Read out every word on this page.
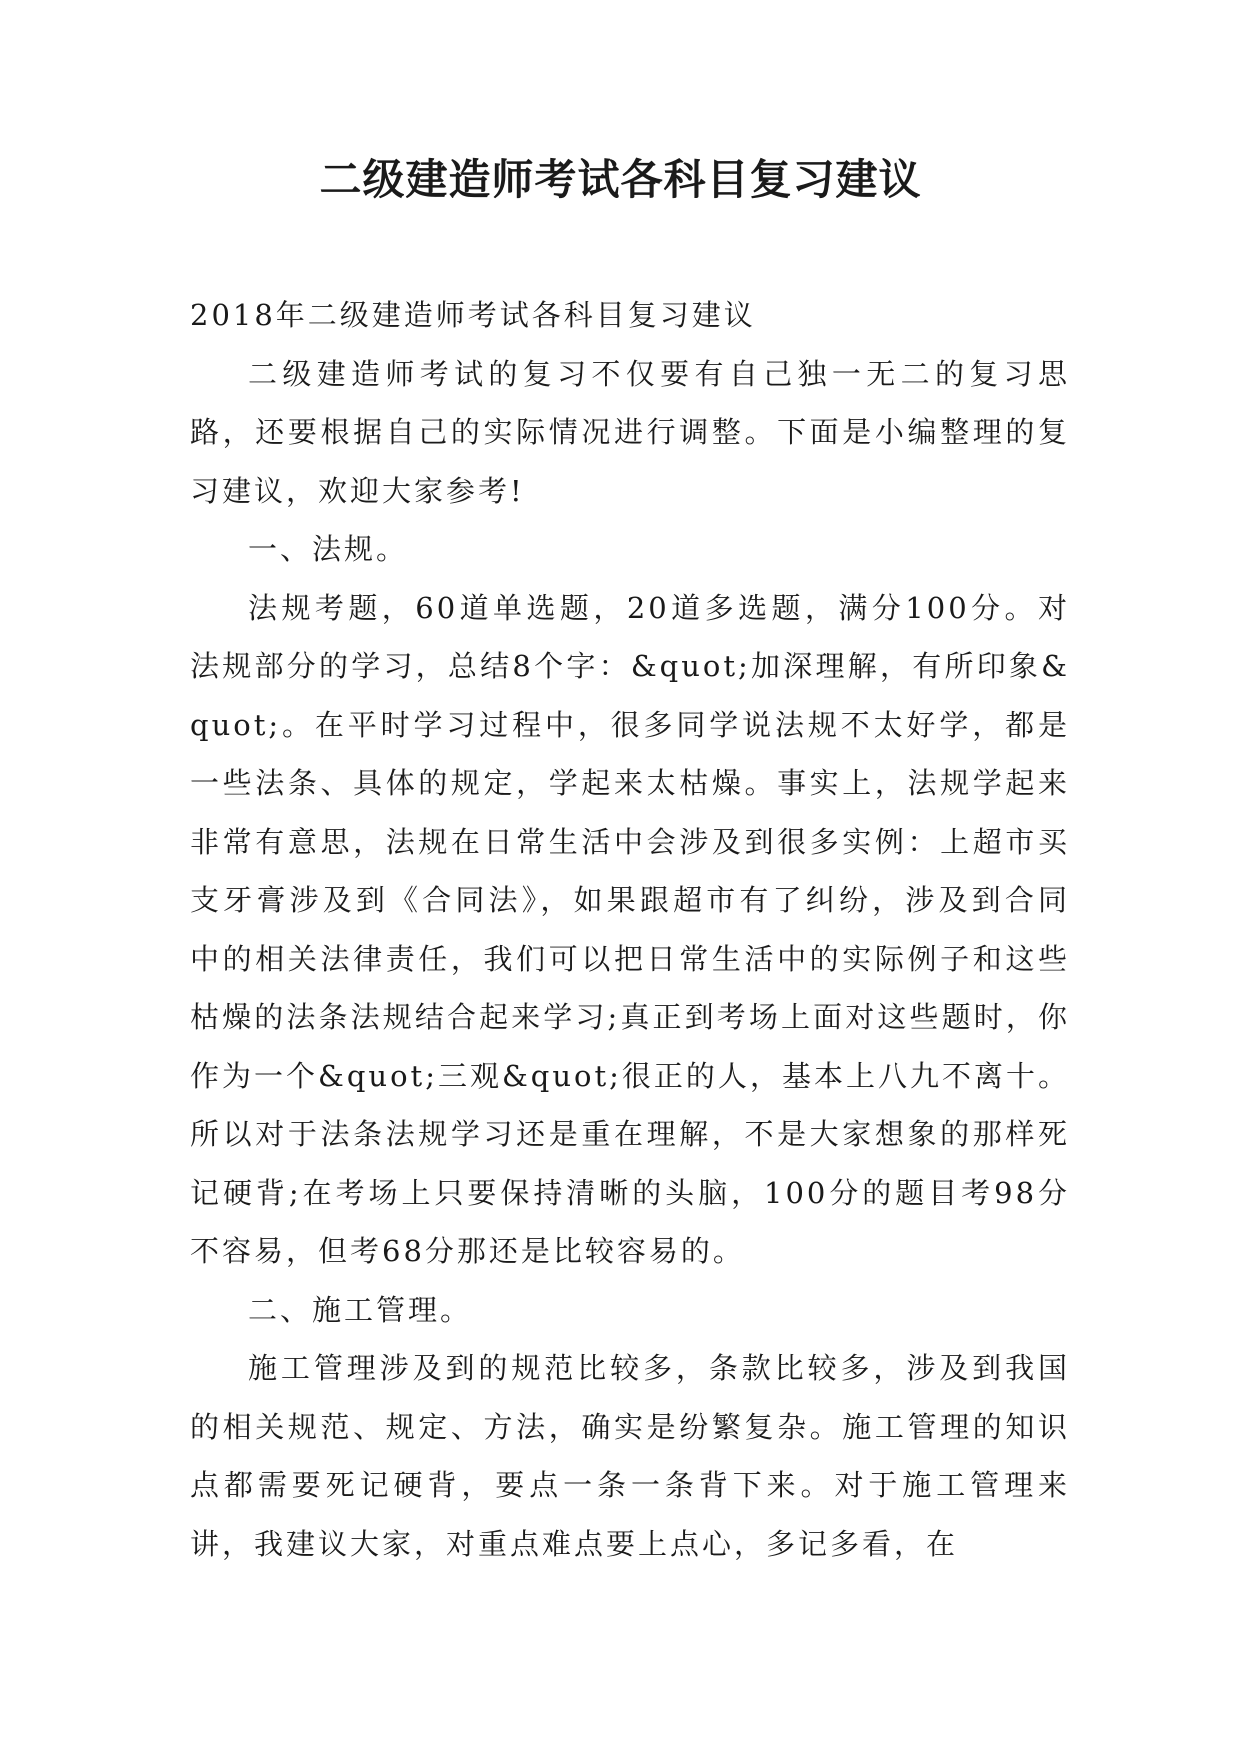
二级建造师考试各科目复习建议

2018年二级建造师考试各科目复习建议

二级建造师考试的复习不仅要有自己独一无二的复习思路，还要根据自己的实际情况进行调整。下面是小编整理的复习建议，欢迎大家参考!

一、法规。

法规考题，60道单选题，20道多选题，满分100分。对法规部分的学习，总结8个字：&quot;加深理解，有所印象&quot;。在平时学习过程中，很多同学说法规不太好学，都是一些法条、具体的规定，学起来太枯燥。事实上，法规学起来非常有意思，法规在日常生活中会涉及到很多实例：上超市买支牙膏涉及到《合同法》，如果跟超市有了纠纷，涉及到合同中的相关法律责任，我们可以把日常生活中的实际例子和这些枯燥的法条法规结合起来学习;真正到考场上面对这些题时，你作为一个&quot;三观&quot;很正的人，基本上八九不离十。所以对于法条法规学习还是重在理解，不是大家想象的那样死记硬背;在考场上只要保持清晰的头脑，100分的题目考98分不容易，但考68分那还是比较容易的。

二、施工管理。

施工管理涉及到的规范比较多，条款比较多，涉及到我国的相关规范、规定、方法，确实是纷繁复杂。施工管理的知识点都需要死记硬背，要点一条一条背下来。对于施工管理来讲，我建议大家，对重点难点要上点心，多记多看，在
